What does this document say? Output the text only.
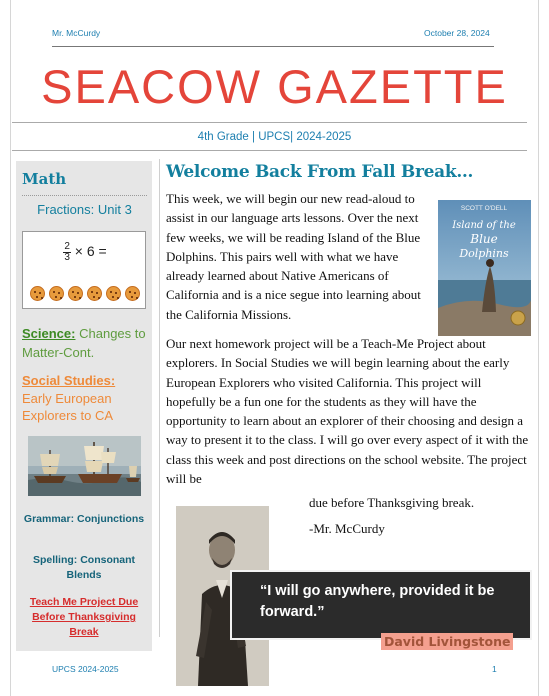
Mr. McCurdy	October 28, 2024
SEACOW GAZETTE
4th Grade | UPCS| 2024-2025
Math
Fractions: Unit 3
$\frac{2}{3} \times 6$ =
Science: Changes to Matter-Cont.
Social Studies:
Early European Explorers to CA
Grammar: Conjunctions
Spelling: Consonant Blends
Teach Me Project Due Before Thanksgiving Break
Welcome Back From Fall Break…
This week, we will begin our new read-aloud to assist in our language arts lessons. Over the next few weeks, we will be reading Island of the Blue Dolphins. This pairs well with what we have already learned about Native Americans of California and is a nice segue into learning about the California Missions.
SCOTT O'DELL
Island of the
Blue
Dolphins
Our next homework project will be a Teach-Me Project about explorers. In Social Studies we will begin learning about the early European Explorers who visited California. This project will hopefully be a fun one for the students as they will have the opportunity to learn about an explorer of their choosing and design a way to present it to the class. I will go over every aspect of it with the class this week and post directions on the school website. The project will be
due before Thanksgiving break.
-Mr. McCurdy
“I will go anywhere, provided it be forward.”
David Livingstone
UPCS 2024-2025	1
